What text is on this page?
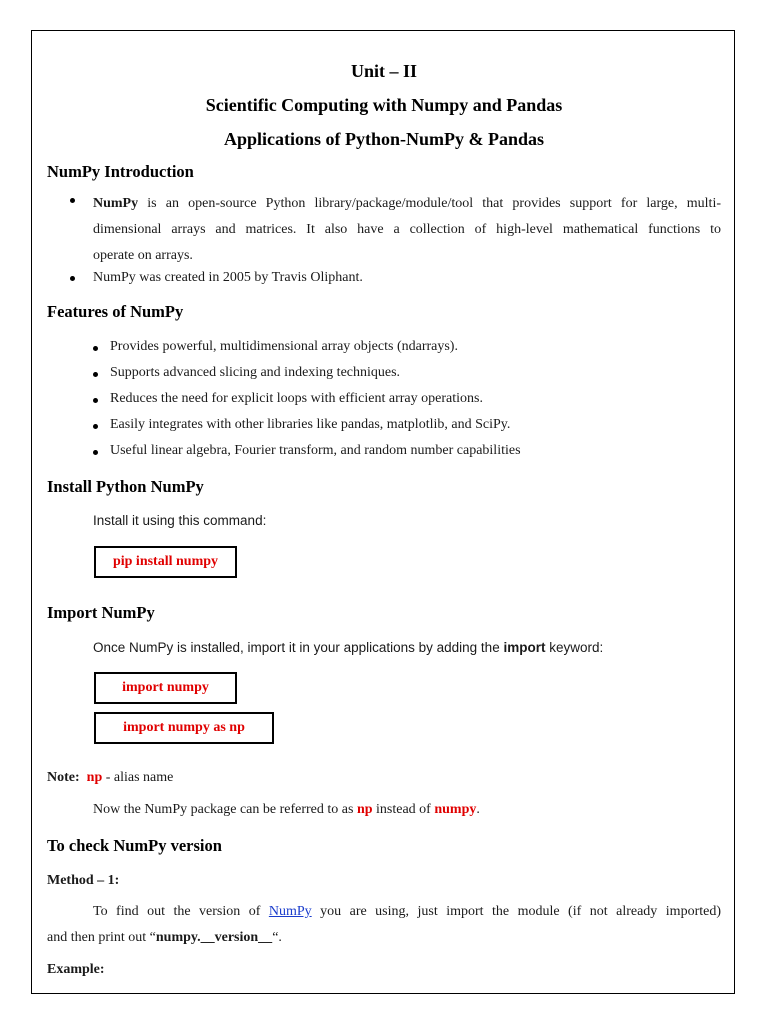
Unit – II
Scientific Computing with Numpy and Pandas
Applications of Python-NumPy & Pandas
NumPy Introduction
NumPy is an open-source Python library/package/module/tool that provides support for large, multi-
dimensional arrays and matrices. It also have a collection of high-level mathematical functions to
operate on arrays.
NumPy was created in 2005 by Travis Oliphant.
Features of NumPy
Provides powerful, multidimensional array objects (ndarrays).
Supports advanced slicing and indexing techniques.
Reduces the need for explicit loops with efficient array operations.
Easily integrates with other libraries like pandas, matplotlib, and SciPy.
Useful linear algebra, Fourier transform, and random number capabilities
Install Python NumPy
Install it using this command:
pip install numpy
Import NumPy
Once NumPy is installed, import it in your applications by adding the import keyword:
import numpy
import numpy as np
Note: np - alias name
Now the NumPy package can be referred to as np instead of numpy.
To check NumPy version
Method – 1:
To find out the version of NumPy you are using, just import the module (if not already imported)
and then print out “numpy.__version__“.
Example:
